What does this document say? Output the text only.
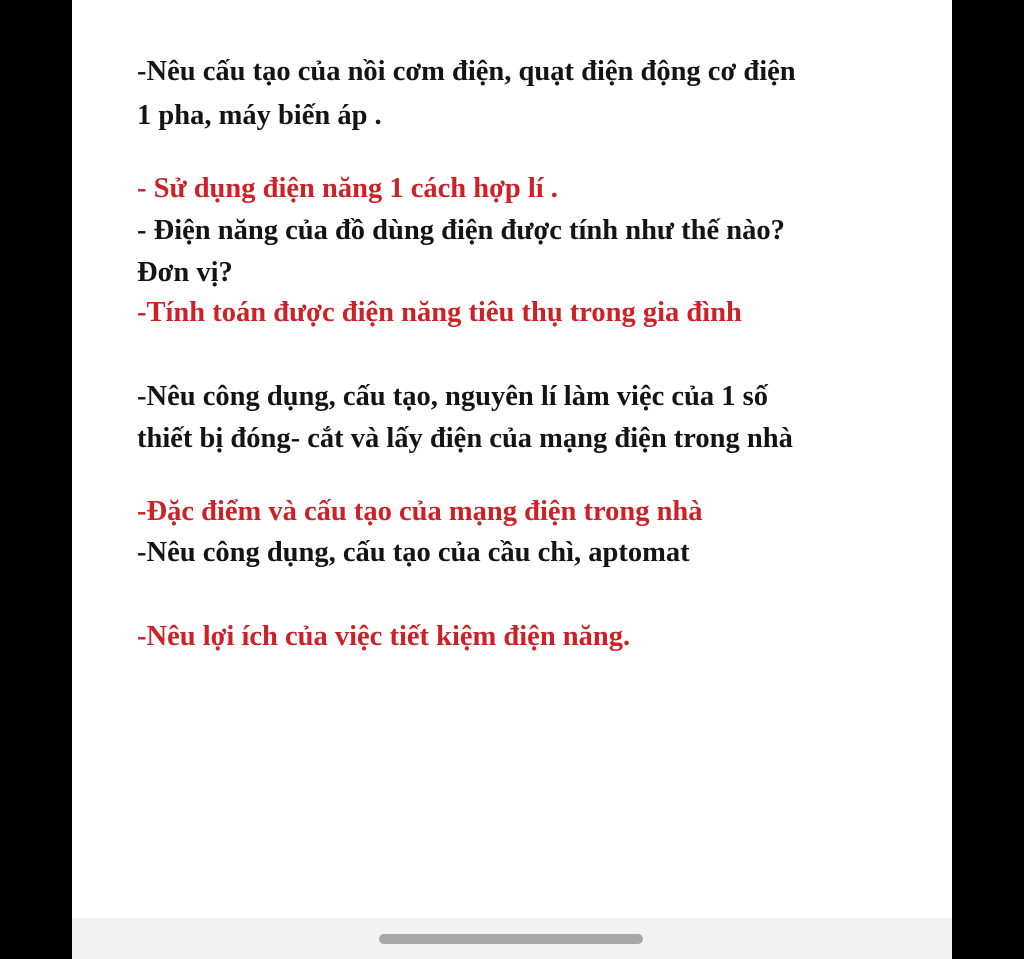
-Nêu cấu tạo của nồi cơm điện, quạt điện động cơ điện

1 pha, máy biến áp .

- Sử dụng điện năng 1 cách hợp lí .

- Điện năng của đồ dùng điện được tính như thế nào?

Đơn vị?

-Tính toán được điện năng tiêu thụ trong gia đình

-Nêu công dụng, cấu tạo, nguyên lí làm việc của 1 số

thiết bị đóng- cắt và lấy điện của mạng điện trong nhà

-Đặc điểm và cấu tạo của mạng điện trong nhà

-Nêu công dụng, cấu tạo của cầu chì, aptomat

-Nêu lợi ích của việc tiết kiệm điện năng.
